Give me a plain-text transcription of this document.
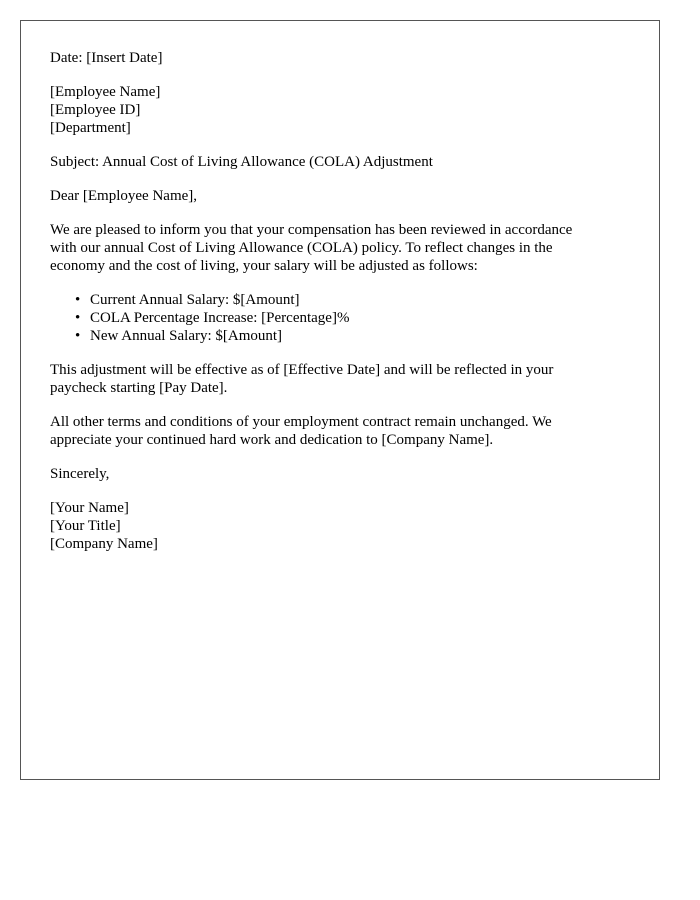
Date: [Insert Date]
[Employee Name]
[Employee ID]
[Department]
Subject: Annual Cost of Living Allowance (COLA) Adjustment
Dear [Employee Name],
We are pleased to inform you that your compensation has been reviewed in accordance
with our annual Cost of Living Allowance (COLA) policy. To reflect changes in the
economy and the cost of living, your salary will be adjusted as follows:
• Current Annual Salary: $[Amount]
• COLA Percentage Increase: [Percentage]%
• New Annual Salary: $[Amount]
This adjustment will be effective as of [Effective Date] and will be reflected in your
paycheck starting [Pay Date].
All other terms and conditions of your employment contract remain unchanged. We
appreciate your continued hard work and dedication to [Company Name].
Sincerely,
[Your Name]
[Your Title]
[Company Name]
